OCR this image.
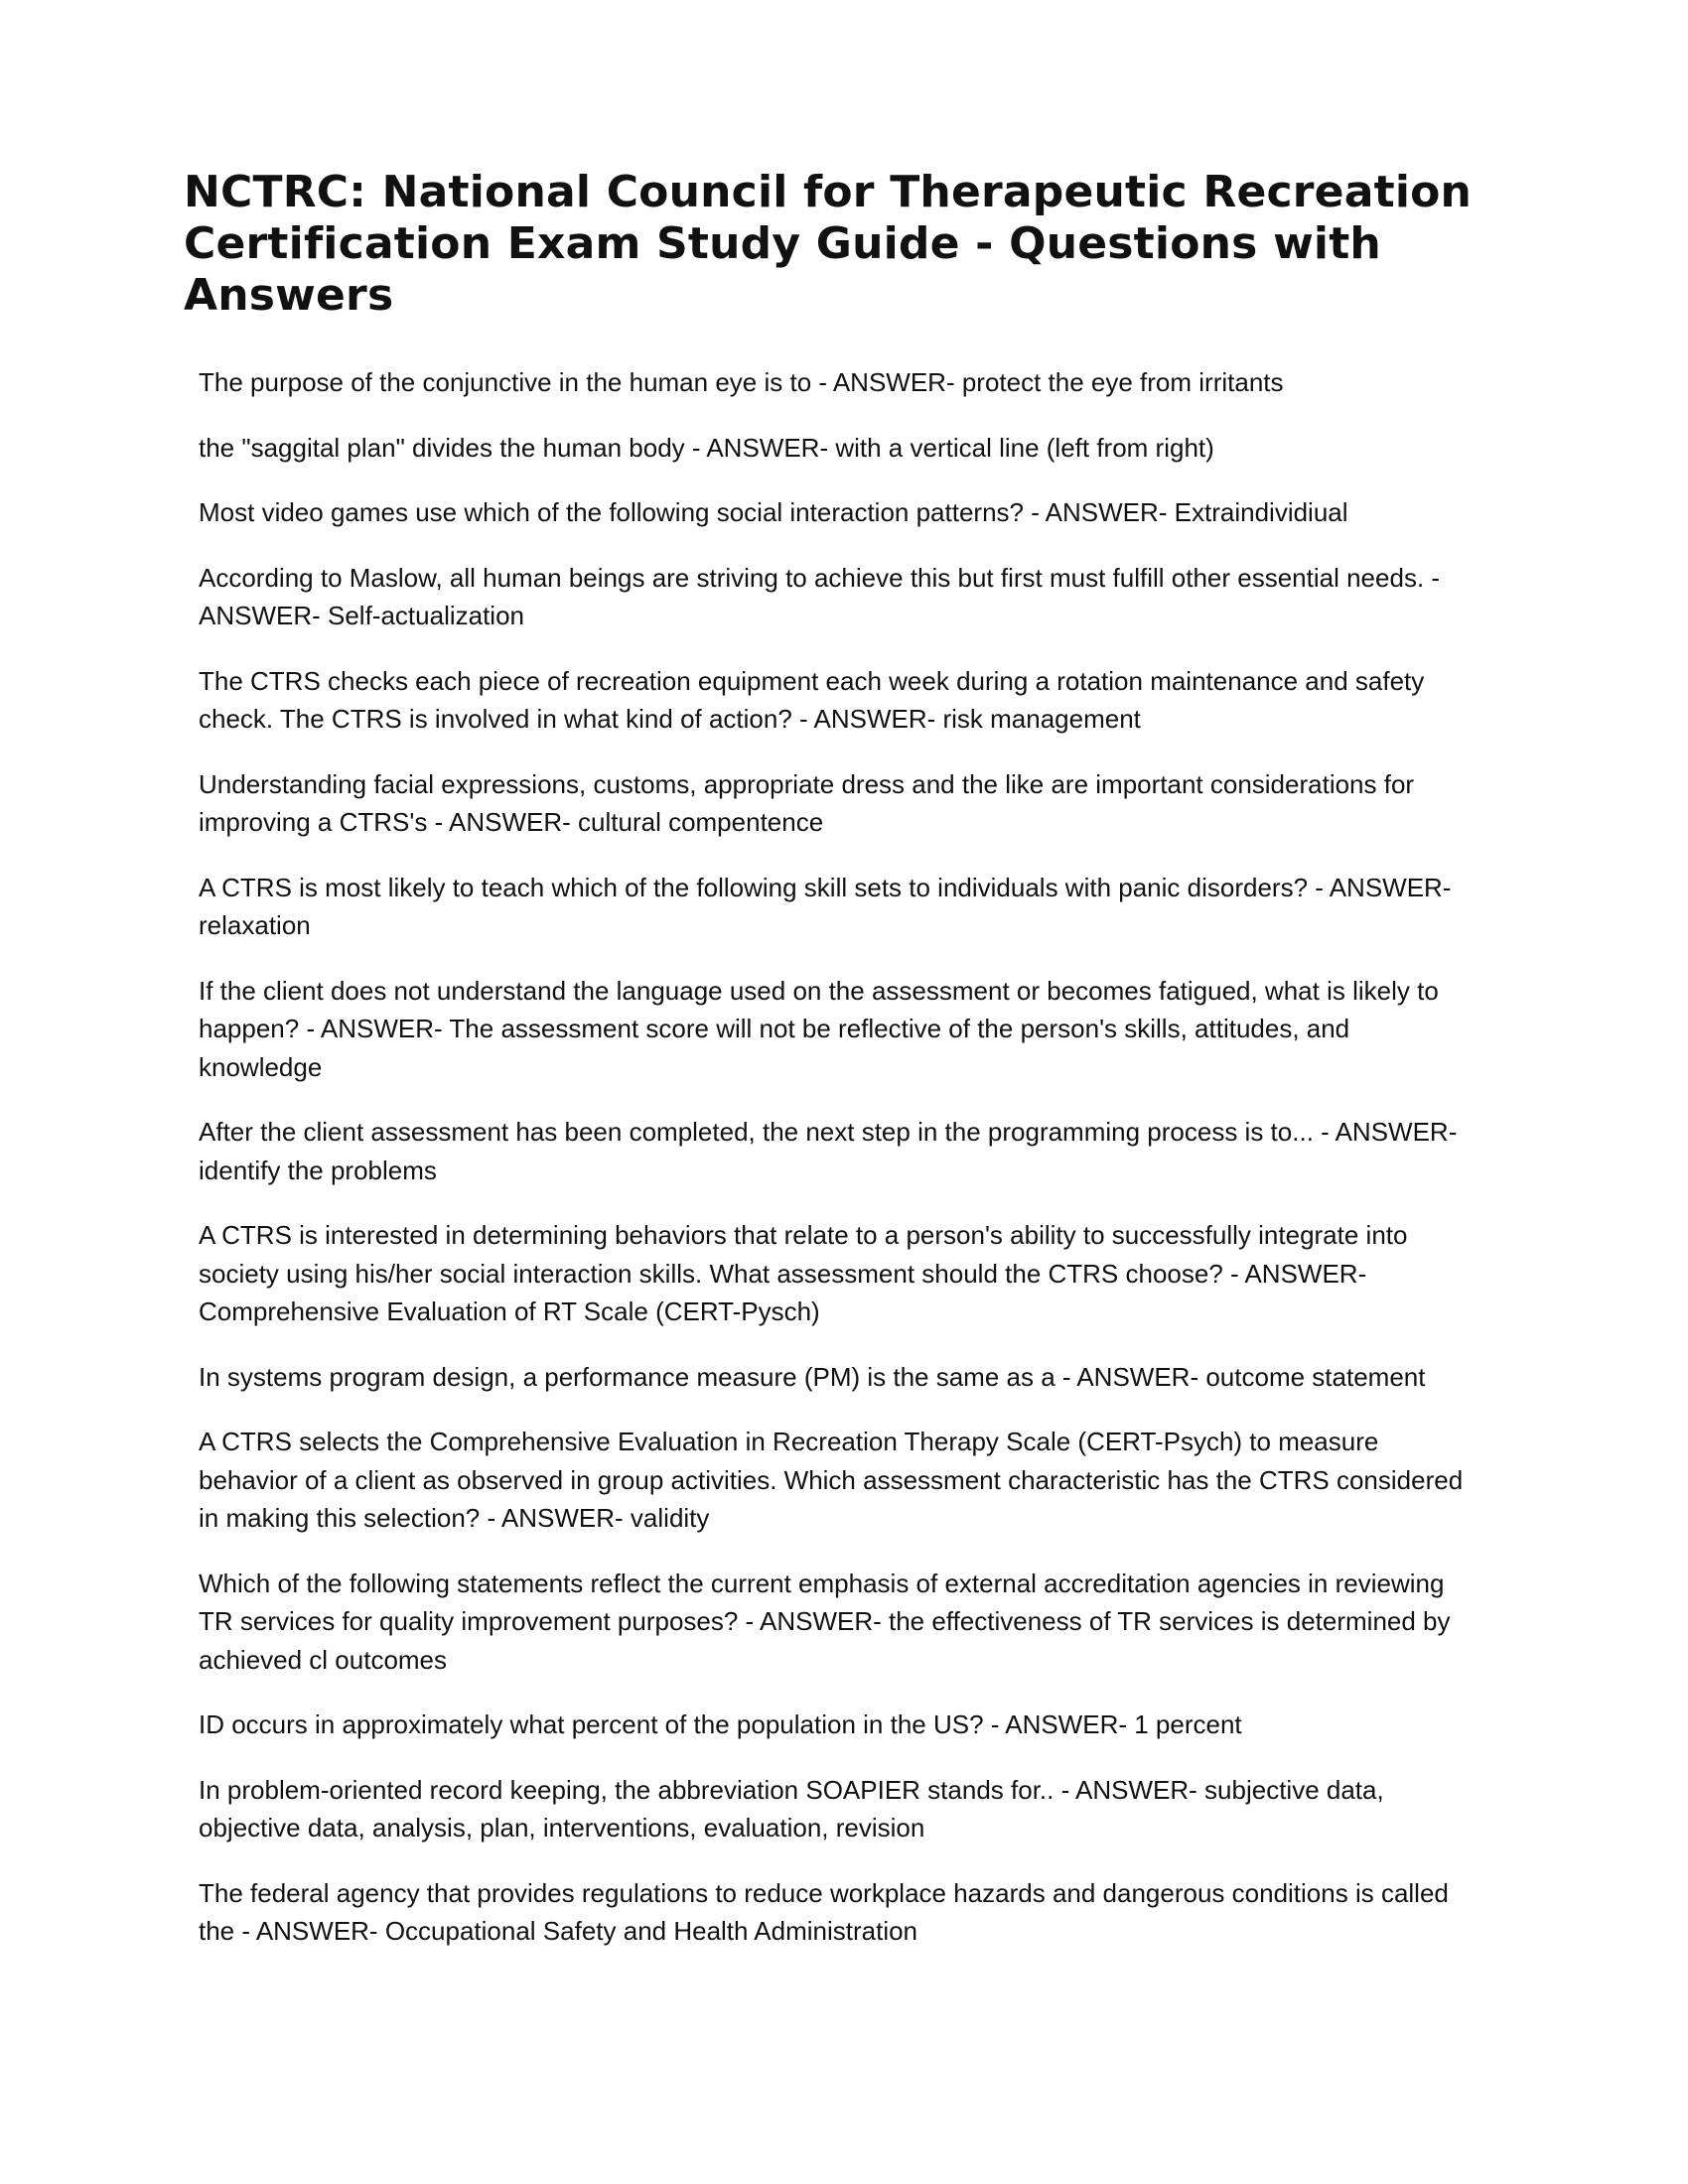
NCTRC: National Council for Therapeutic Recreation Certification Exam Study Guide - Questions with Answers
The purpose of the conjunctive in the human eye is to - ANSWER- protect the eye from irritants
the "saggital plan" divides the human body - ANSWER- with a vertical line (left from right)
Most video games use which of the following social interaction patterns? - ANSWER- Extraindividiual
According to Maslow, all human beings are striving to achieve this but first must fulfill other essential needs. - ANSWER- Self-actualization
The CTRS checks each piece of recreation equipment each week during a rotation maintenance and safety check. The CTRS is involved in what kind of action? - ANSWER- risk management
Understanding facial expressions, customs, appropriate dress and the like are important considerations for improving a CTRS's - ANSWER- cultural compentence
A CTRS is most likely to teach which of the following skill sets to individuals with panic disorders? - ANSWER- relaxation
If the client does not understand the language used on the assessment or becomes fatigued, what is likely to happen? - ANSWER- The assessment score will not be reflective of the person's skills, attitudes, and knowledge
After the client assessment has been completed, the next step in the programming process is to... - ANSWER- identify the problems
A CTRS is interested in determining behaviors that relate to a person's ability to successfully integrate into society using his/her social interaction skills. What assessment should the CTRS choose? - ANSWER- Comprehensive Evaluation of RT Scale (CERT-Pysch)
In systems program design, a performance measure (PM) is the same as a - ANSWER- outcome statement
A CTRS selects the Comprehensive Evaluation in Recreation Therapy Scale (CERT-Psych) to measure behavior of a client as observed in group activities. Which assessment characteristic has the CTRS considered in making this selection? - ANSWER- validity
Which of the following statements reflect the current emphasis of external accreditation agencies in reviewing TR services for quality improvement purposes? - ANSWER- the effectiveness of TR services is determined by achieved cl outcomes
ID occurs in approximately what percent of the population in the US? - ANSWER- 1 percent
In problem-oriented record keeping, the abbreviation SOAPIER stands for.. - ANSWER- subjective data, objective data, analysis, plan, interventions, evaluation, revision
The federal agency that provides regulations to reduce workplace hazards and dangerous conditions is called the - ANSWER- Occupational Safety and Health Administration
